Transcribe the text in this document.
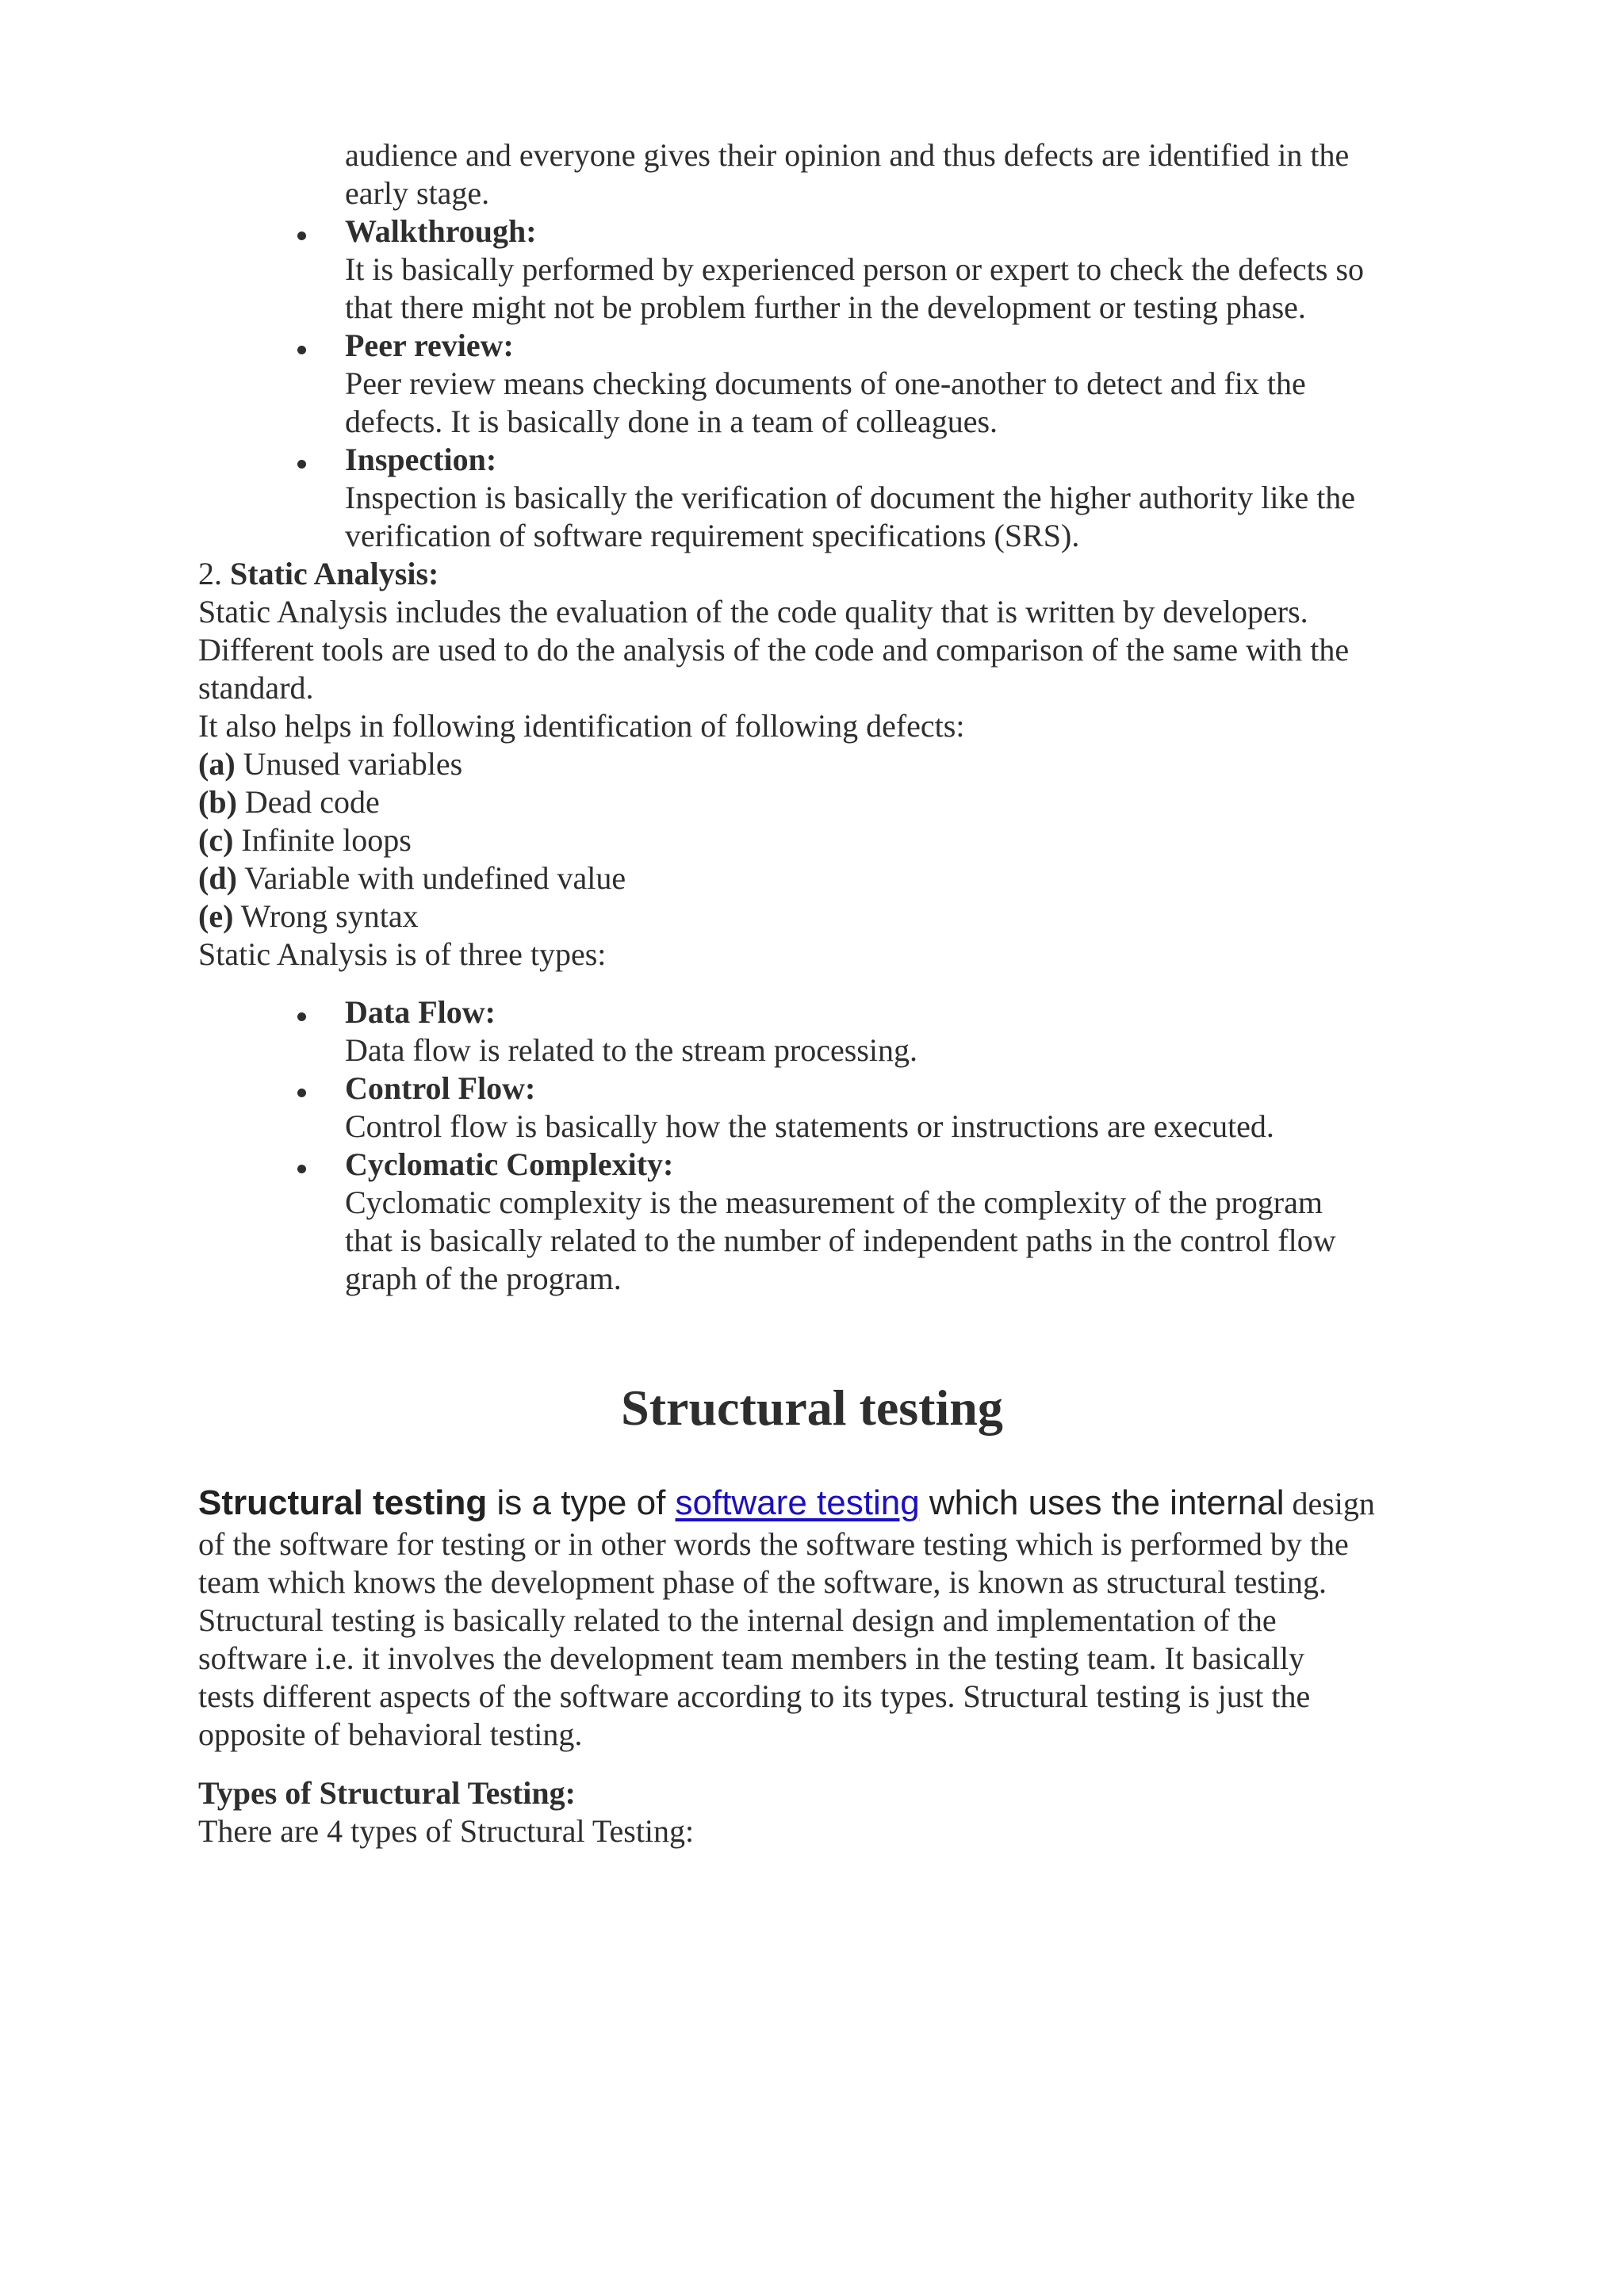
audience and everyone gives their opinion and thus defects are identified in the
early stage.
Walkthrough:
It is basically performed by experienced person or expert to check the defects so
that there might not be problem further in the development or testing phase.
Peer review:
Peer review means checking documents of one-another to detect and fix the
defects. It is basically done in a team of colleagues.
Inspection:
Inspection is basically the verification of document the higher authority like the
verification of software requirement specifications (SRS).
2. Static Analysis:
Static Analysis includes the evaluation of the code quality that is written by developers.
Different tools are used to do the analysis of the code and comparison of the same with the
standard.
It also helps in following identification of following defects:
(a) Unused variables
(b) Dead code
(c) Infinite loops
(d) Variable with undefined value
(e) Wrong syntax
Static Analysis is of three types:
Data Flow:
Data flow is related to the stream processing.
Control Flow:
Control flow is basically how the statements or instructions are executed.
Cyclomatic Complexity:
Cyclomatic complexity is the measurement of the complexity of the program
that is basically related to the number of independent paths in the control flow
graph of the program.
Structural testing
Structural testing is a type of software testing which uses the internal design
of the software for testing or in other words the software testing which is performed by the
team which knows the development phase of the software, is known as structural testing.
Structural testing is basically related to the internal design and implementation of the
software i.e. it involves the development team members in the testing team. It basically
tests different aspects of the software according to its types. Structural testing is just the
opposite of behavioral testing.
Types of Structural Testing:
There are 4 types of Structural Testing:
